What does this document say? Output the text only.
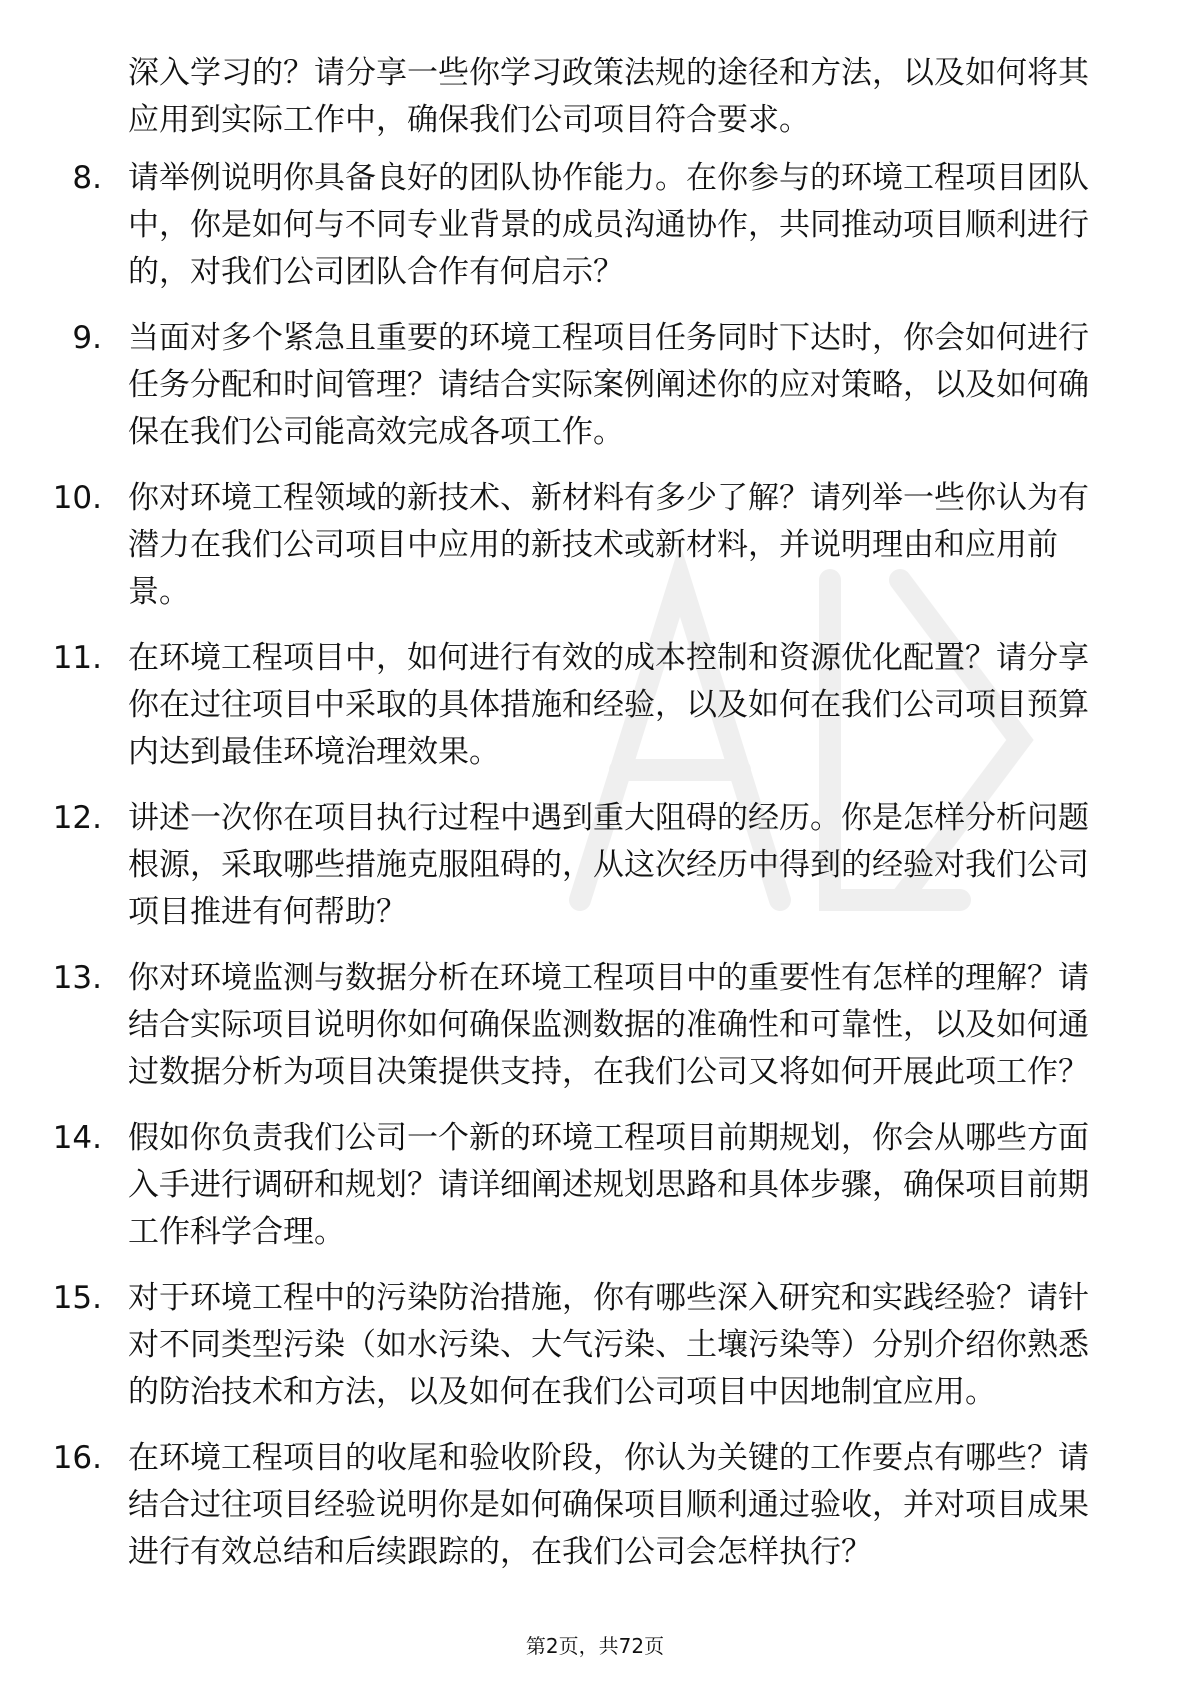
深入学习的？请分享一些你学习政策法规的途径和方法，以及如何将其应用到实际工作中，确保我们公司项目符合要求。
8. 请举例说明你具备良好的团队协作能力。在你参与的环境工程项目团队中，你是如何与不同专业背景的成员沟通协作，共同推动项目顺利进行的，对我们公司团队合作有何启示？
9. 当面对多个紧急且重要的环境工程项目任务同时下达时，你会如何进行任务分配和时间管理？请结合实际案例阐述你的应对策略，以及如何确保在我们公司能高效完成各项工作。
10. 你对环境工程领域的新技术、新材料有多少了解？请列举一些你认为有潜力在我们公司项目中应用的新技术或新材料，并说明理由和应用前景。
11. 在环境工程项目中，如何进行有效的成本控制和资源优化配置？请分享你在过往项目中采取的具体措施和经验，以及如何在我们公司项目预算内达到最佳环境治理效果。
12. 讲述一次你在项目执行过程中遇到重大阻碍的经历。你是怎样分析问题根源，采取哪些措施克服阻碍的，从这次经历中得到的经验对我们公司项目推进有何帮助？
13. 你对环境监测与数据分析在环境工程项目中的重要性有怎样的理解？请结合实际项目说明你如何确保监测数据的准确性和可靠性，以及如何通过数据分析为项目决策提供支持，在我们公司又将如何开展此项工作？
14. 假如你负责我们公司一个新的环境工程项目前期规划，你会从哪些方面入手进行调研和规划？请详细阐述规划思路和具体步骤，确保项目前期工作科学合理。
15. 对于环境工程中的污染防治措施，你有哪些深入研究和实践经验？请针对不同类型污染（如水污染、大气污染、土壤污染等）分别介绍你熟悉的防治技术和方法，以及如何在我们公司项目中因地制宜应用。
16. 在环境工程项目的收尾和验收阶段，你认为关键的工作要点有哪些？请结合过往项目经验说明你是如何确保项目顺利通过验收，并对项目成果进行有效总结和后续跟踪的，在我们公司会怎样执行？
第2页，共72页
